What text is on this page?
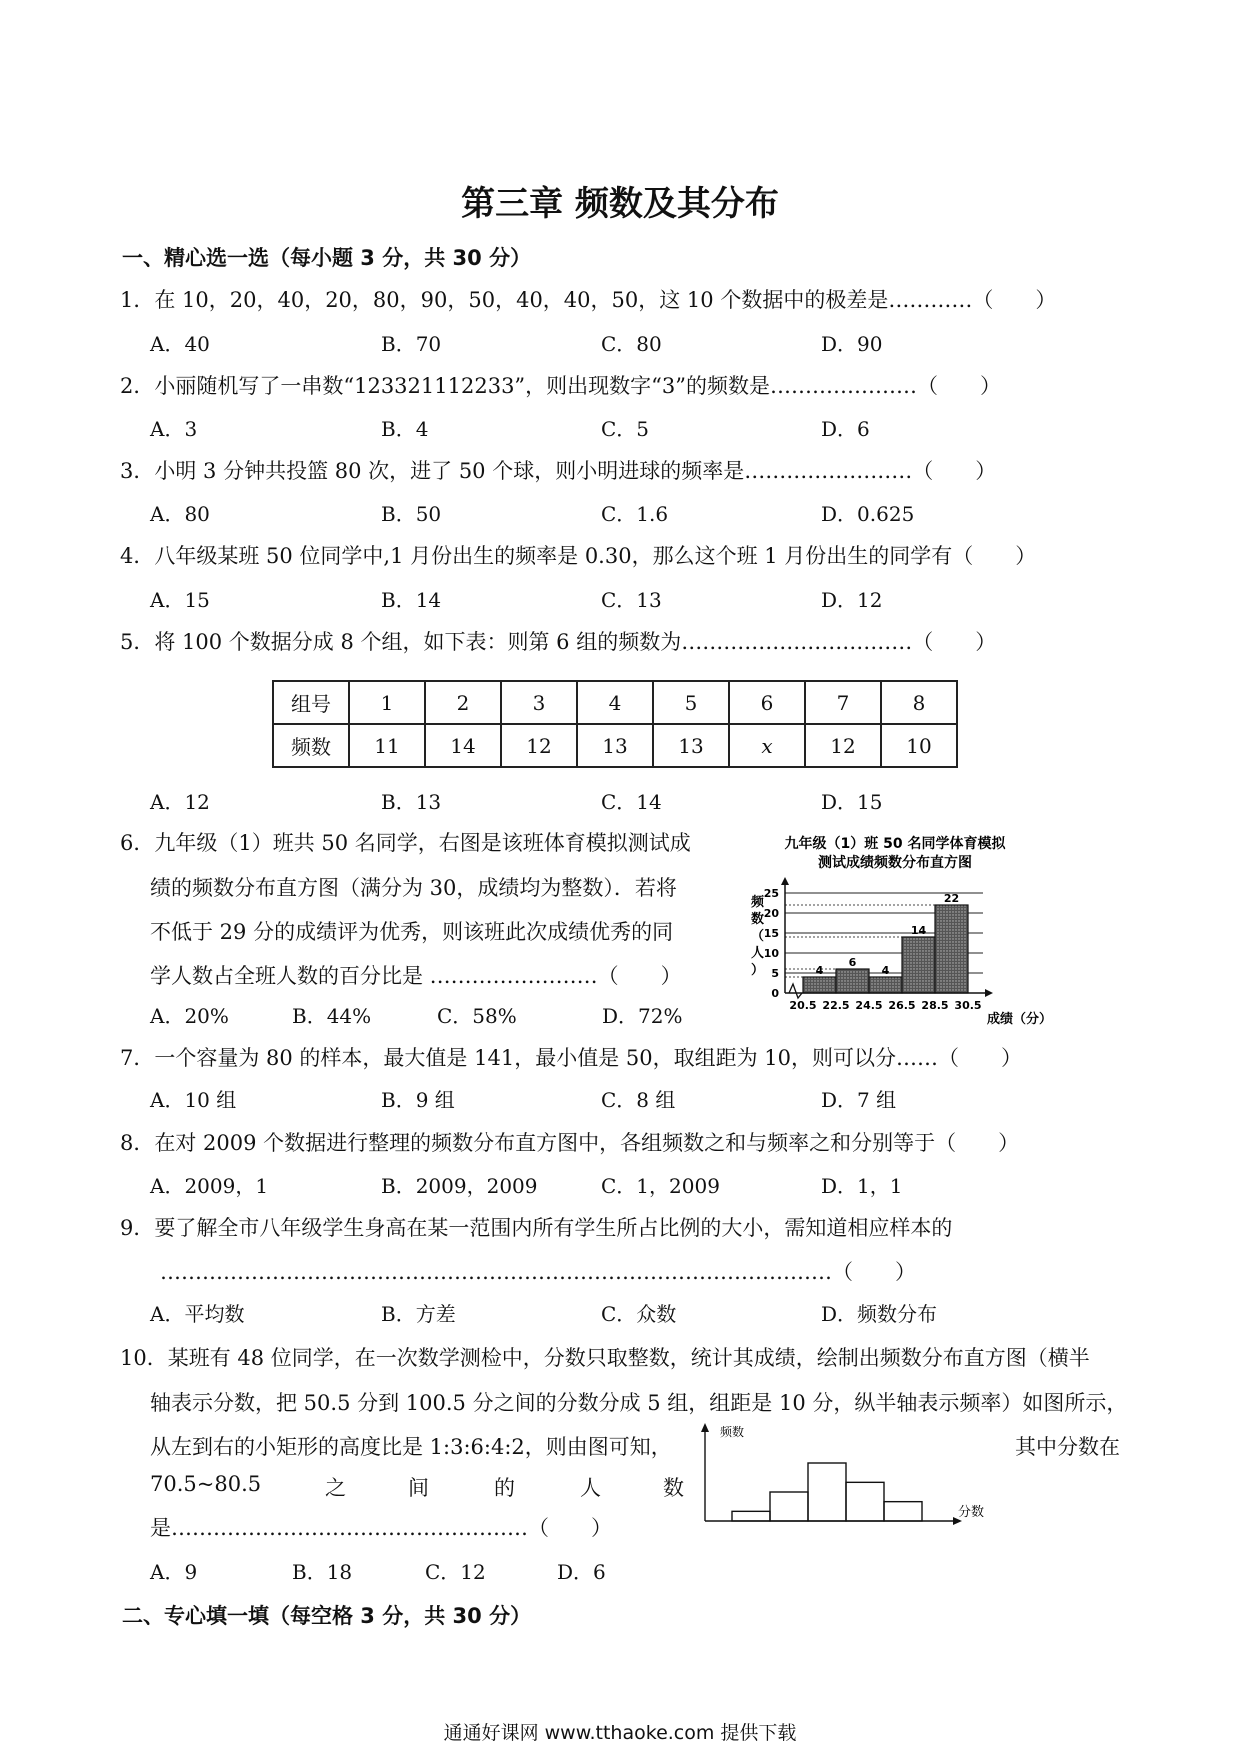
第三章 频数及其分布
一、精心选一选（每小题 3 分，共 30 分）
1．在 10，20，40，20，80，90，50，40，40，50，这 10 个数据中的极差是…………（　　）
A．40	B．70	C．80	D．90
2．小丽随机写了一串数“123321112233”，则出现数字“3”的频数是…………………（　　）
A．3	B．4	C．5	D．6
3．小明 3 分钟共投篮 80 次，进了 50 个球，则小明进球的频率是……………………（　　）
A．80	B．50	C．1.6	D．0.625
4．八年级某班 50 位同学中,1 月份出生的频率是 0.30，那么这个班 1 月份出生的同学有（　　）
A．15	B．14	C．13	D．12
5．将 100 个数据分成 8 个组，如下表：则第 6 组的频数为……………………………（　　）
组号	1	2	3	4	5	6	7	8
频数	11	14	12	13	13	x	12	10
A．12	B．13	C．14	D．15
6．九年级（1）班共 50 名同学，右图是该班体育模拟测试成
绩的频数分布直方图（满分为 30，成绩均为整数）．若将
不低于 29 分的成绩评为优秀，则该班此次成绩优秀的同
学人数占全班人数的百分比是 ……………………（　　）
A．20%	B．44%	C．58%	D．72%
九年级（1）班 50 名同学体育模拟
测试成绩频数分布直方图
频数（人）
成绩（分）
4
6
4
14
22
0
5
10
15
20
25
20.5 22.5 24.5 26.5 28.5 30.5
7．一个容量为 80 的样本，最大值是 141，最小值是 50，取组距为 10，则可以分……（　　）
A．10 组	B．9 组	C．8 组	D．7 组
8．在对 2009 个数据进行整理的频数分布直方图中，各组频数之和与频率之和分别等于（　　）
A．2009，1	B．2009，2009	C．1，2009	D．1，1
9．要了解全市八年级学生身高在某一范围内所有学生所占比例的大小，需知道相应样本的
……………………………………………………………………………………（　　）
A．平均数	B．方差	C．众数	D．频数分布
10．某班有 48 位同学，在一次数学测检中，分数只取整数，统计其成绩，绘制出频数分布直方图（横半
轴表示分数，把 50.5 分到 100.5 分之间的分数分成 5 组，组距是 10 分，纵半轴表示频率）如图所示，
从左到右的小矩形的高度比是 1:3:6:4:2，则由图可知，	其中分数在
70.5~80.5	之	间	的	人	数
是……………………………………………（　　）
A．9	B．18	C．12	D．6
频数
分数
二、专心填一填（每空格 3 分，共 30 分）
通通好课网 www.tthaoke.com 提供下载
